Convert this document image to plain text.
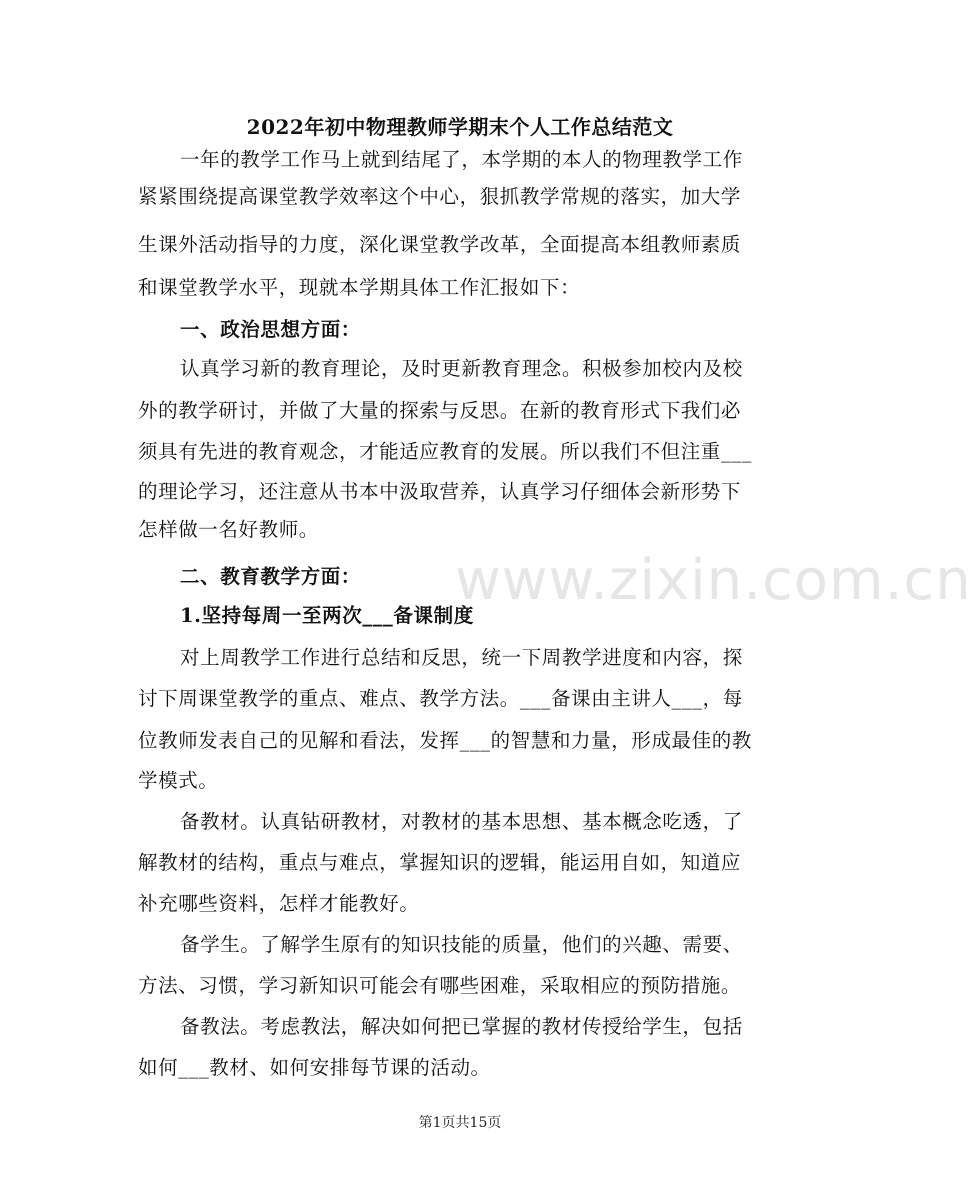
2022年初中物理教师学期末个人工作总结范文
一年的教学工作马上就到结尾了，本学期的本人的物理教学工作
紧紧围绕提高课堂教学效率这个中心，狠抓教学常规的落实，加大学
生课外活动指导的力度，深化课堂教学改革，全面提高本组教师素质
和课堂教学水平，现就本学期具体工作汇报如下：
一、政治思想方面：
认真学习新的教育理论，及时更新教育理念。积极参加校内及校
外的教学研讨，并做了大量的探索与反思。在新的教育形式下我们必
须具有先进的教育观念，才能适应教育的发展。所以我们不但注重___
的理论学习，还注意从书本中汲取营养，认真学习仔细体会新形势下
怎样做一名好教师。
二、教育教学方面：
1.坚持每周一至两次___备课制度
对上周教学工作进行总结和反思，统一下周教学进度和内容，探
讨下周课堂教学的重点、难点、教学方法。___备课由主讲人___，每
位教师发表自己的见解和看法，发挥___的智慧和力量，形成最佳的教
学模式。
备教材。认真钻研教材，对教材的基本思想、基本概念吃透，了
解教材的结构，重点与难点，掌握知识的逻辑，能运用自如，知道应
补充哪些资料，怎样才能教好。
备学生。了解学生原有的知识技能的质量，他们的兴趣、需要、
方法、习惯，学习新知识可能会有哪些困难，采取相应的预防措施。
备教法。考虑教法，解决如何把已掌握的教材传授给学生，包括
如何___教材、如何安排每节课的活动。
www.zixin.com.cn
第1页共15页
